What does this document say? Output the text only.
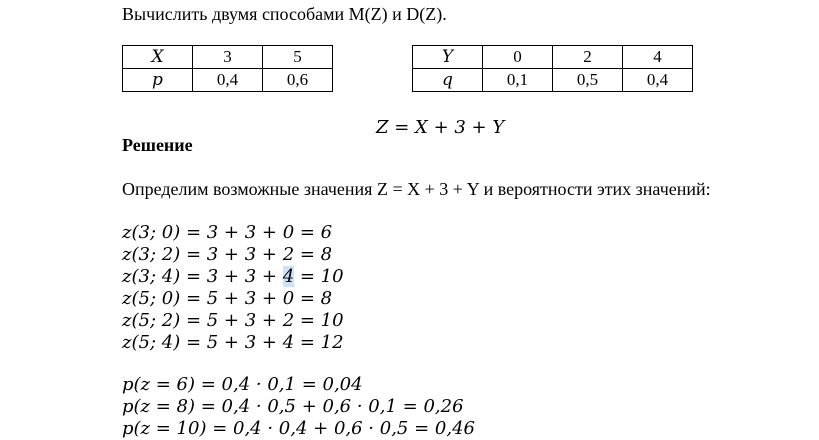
Вычислить двумя способами M(Z) и D(Z).
X	3	5
p	0,4	0,6
Y	0	2	4
q	0,1	0,5	0,4
Z = X + 3 + Y
Решение
Определим возможные значения Z = X + 3 + Y и вероятности этих значений:
z(3; 0) = 3 + 3 + 0 = 6
z(3; 2) = 3 + 3 + 2 = 8
z(3; 4) = 3 + 3 + 4 = 10
z(5; 0) = 5 + 3 + 0 = 8
z(5; 2) = 5 + 3 + 2 = 10
z(5; 4) = 5 + 3 + 4 = 12
p(z = 6) = 0,4 · 0,1 = 0,04
p(z = 8) = 0,4 · 0,5 + 0,6 · 0,1 = 0,26
p(z = 10) = 0,4 · 0,4 + 0,6 · 0,5 = 0,46
